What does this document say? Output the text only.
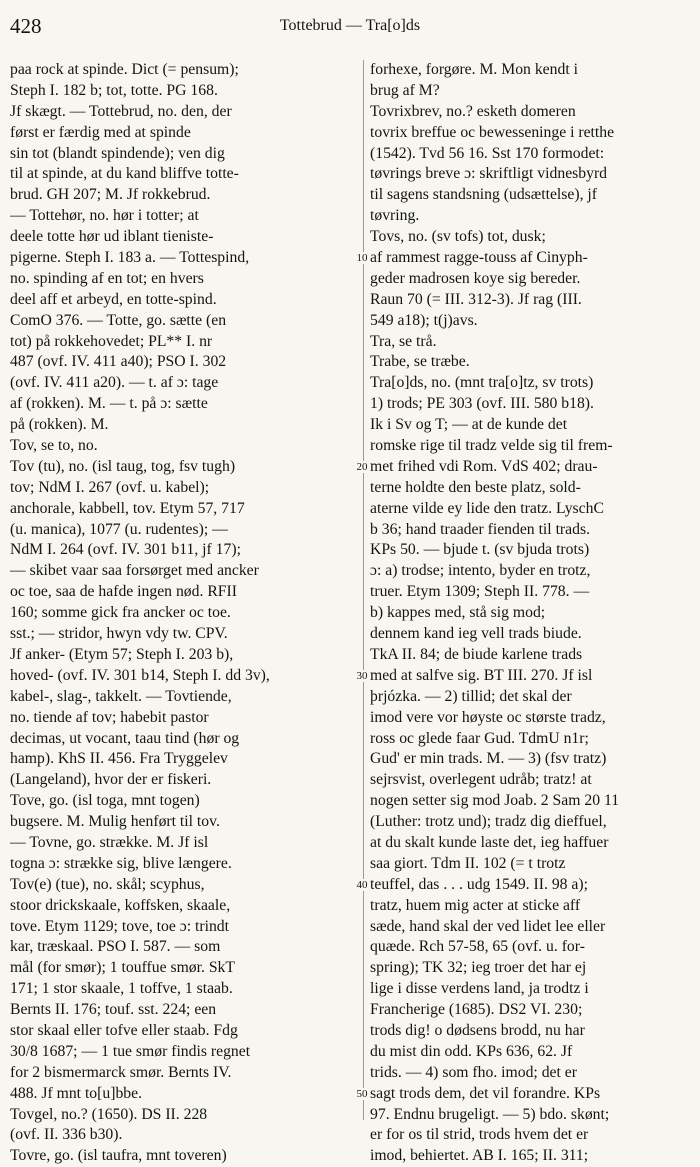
428	Tottebrud — Tra[o]ds
paa rock at spinde. Dict (= pensum);
Steph I. 182 b; tot, totte. PG 168.
Jf skægt. — Tottebrud, no. den, der
først er færdig med at spinde
sin tot (blandt spindende); ven dig
til at spinde, at du kand bliffve totte-
brud. GH 207; M. Jf rokkebrud.
— Tottehør, no. hør i totter; at
deele totte hør ud iblant tieniste-
pigerne. Steph I. 183 a. — Tottespind,
no. spinding af en tot; en hvers
deel aff et arbeyd, en totte-spind.
ComO 376. — Totte, go. sætte (en
tot) på rokkehovedet; PL** I. nr
487 (ovf. IV. 411 a40); PSO I. 302
(ovf. IV. 411 a20). — t. af ɔ: tage
af (rokken). M. — t. på ɔ: sætte
på (rokken). M.
Tov, se to, no.
Tov (tu), no. (isl taug, tog, fsv tugh)
tov; NdM I. 267 (ovf. u. kabel);
anchorale, kabbell, tov. Etym 57, 717
(u. manica), 1077 (u. rudentes); —
NdM I. 264 (ovf. IV. 301 b11, jf 17);
— skibet vaar saa forsørget med ancker
oc toe, saa de hafde ingen nød. RFII
160; somme gick fra ancker oc toe.
sst.; — stridor, hwyn vdy tw. CPV.
Jf anker- (Etym 57; Steph I. 203 b),
hoved- (ovf. IV. 301 b14, Steph I. dd 3v),
kabel-, slag-, takkelt. — Tovtiende,
no. tiende af tov; habebit pastor
decimas, ut vocant, taau tind (hør og
hamp). KhS II. 456. Fra Tryggelev
(Langeland), hvor der er fiskeri.
Tove, go. (isl toga, mnt togen)
bugsere. M. Mulig henført til tov.
— Tovne, go. strække. M. Jf isl
togna ɔ: strække sig, blive længere.
Tov(e) (tue), no. skål; scyphus,
stoor drickskaale, koffsken, skaale,
tove. Etym 1129; tove, toe ɔ: trindt
kar, træskaal. PSO I. 587. — som
mål (for smør); 1 touffue smør. SkT
171; 1 stor skaale, 1 toffve, 1 staab.
Bernts II. 176; touf. sst. 224; een
stor skaal eller tofve eller staab. Fdg
30/8 1687; — 1 tue smør findis regnet
for 2 bismermarck smør. Bernts IV.
488. Jf mnt to[u]bbe.
Tovgel, no.? (1650). DS II. 228
(ovf. II. 336 b30).
Tovre, go. (isl taufra, mnt toveren)
10
20
30
40
50
forhexe, forgøre. M. Mon kendt i
brug af M?
Tovrixbrev, no.? esketh domeren
tovrix breffue oc bewesseninge i retthe
(1542). Tvd 56 16. Sst 170 formodet:
tøvrings breve ɔ: skriftligt vidnesbyrd
til sagens standsning (udsættelse), jf
tøvring.
Tovs, no. (sv tofs) tot, dusk;
af rammest ragge-touss af Cinyph-
geder madrosen koye sig bereder.
Raun 70 (= III. 312-3). Jf rag (III.
549 a18); t(j)avs.
Tra, se trå.
Trabe, se træbe.
Tra[o]ds, no. (mnt tra[o]tz, sv trots)
1) trods; PE 303 (ovf. III. 580 b18).
Ik i Sv og T; — at de kunde det
romske rige til tradz velde sig til frem-
met frihed vdi Rom. VdS 402; drau-
terne holdte den beste platz, sold-
aterne vilde ey lide den tratz. LyschC
b 36; hand traader fienden til trads.
KPs 50. — bjude t. (sv bjuda trots)
ɔ: a) trodse; intento, byder en trotz,
truer. Etym 1309; Steph II. 778. —
b) kappes med, stå sig mod;
dennem kand ieg vell trads biude.
TkA II. 84; de biude karlene trads
med at salfve sig. BT III. 270. Jf isl
þrjózka. — 2) tillid; det skal der
imod vere vor høyste oc største tradz,
ross oc glede faar Gud. TdmU n1r;
Gud' er min trads. M. — 3) (fsv tratz)
sejrsvist, overlegent udråb; tratz! at
nogen setter sig mod Joab. 2 Sam 20 11
(Luther: trotz und); tradz dig dieffuel,
at du skalt kunde laste det, ieg haffuer
saa giort. Tdm II. 102 (= t trotz
teuffel, das . . . udg 1549. II. 98 a);
tratz, huem mig acter at sticke aff
sæde, hand skal der ved lidet lee eller
quæde. Rch 57-58, 65 (ovf. u. for-
spring); TK 32; ieg troer det har ej
lige i disse verdens land, ja trodtz i
Francherige (1685). DS2 VI. 230;
trods dig! o dødsens brodd, nu har
du mist din odd. KPs 636, 62. Jf
trids. — 4) som fho. imod; det er
sagt trods dem, det vil forandre. KPs
97. Endnu brugeligt. — 5) bdo. skønt;
er for os til strid, trods hvem det er
imod, behiertet. AB I. 165; II. 311;
